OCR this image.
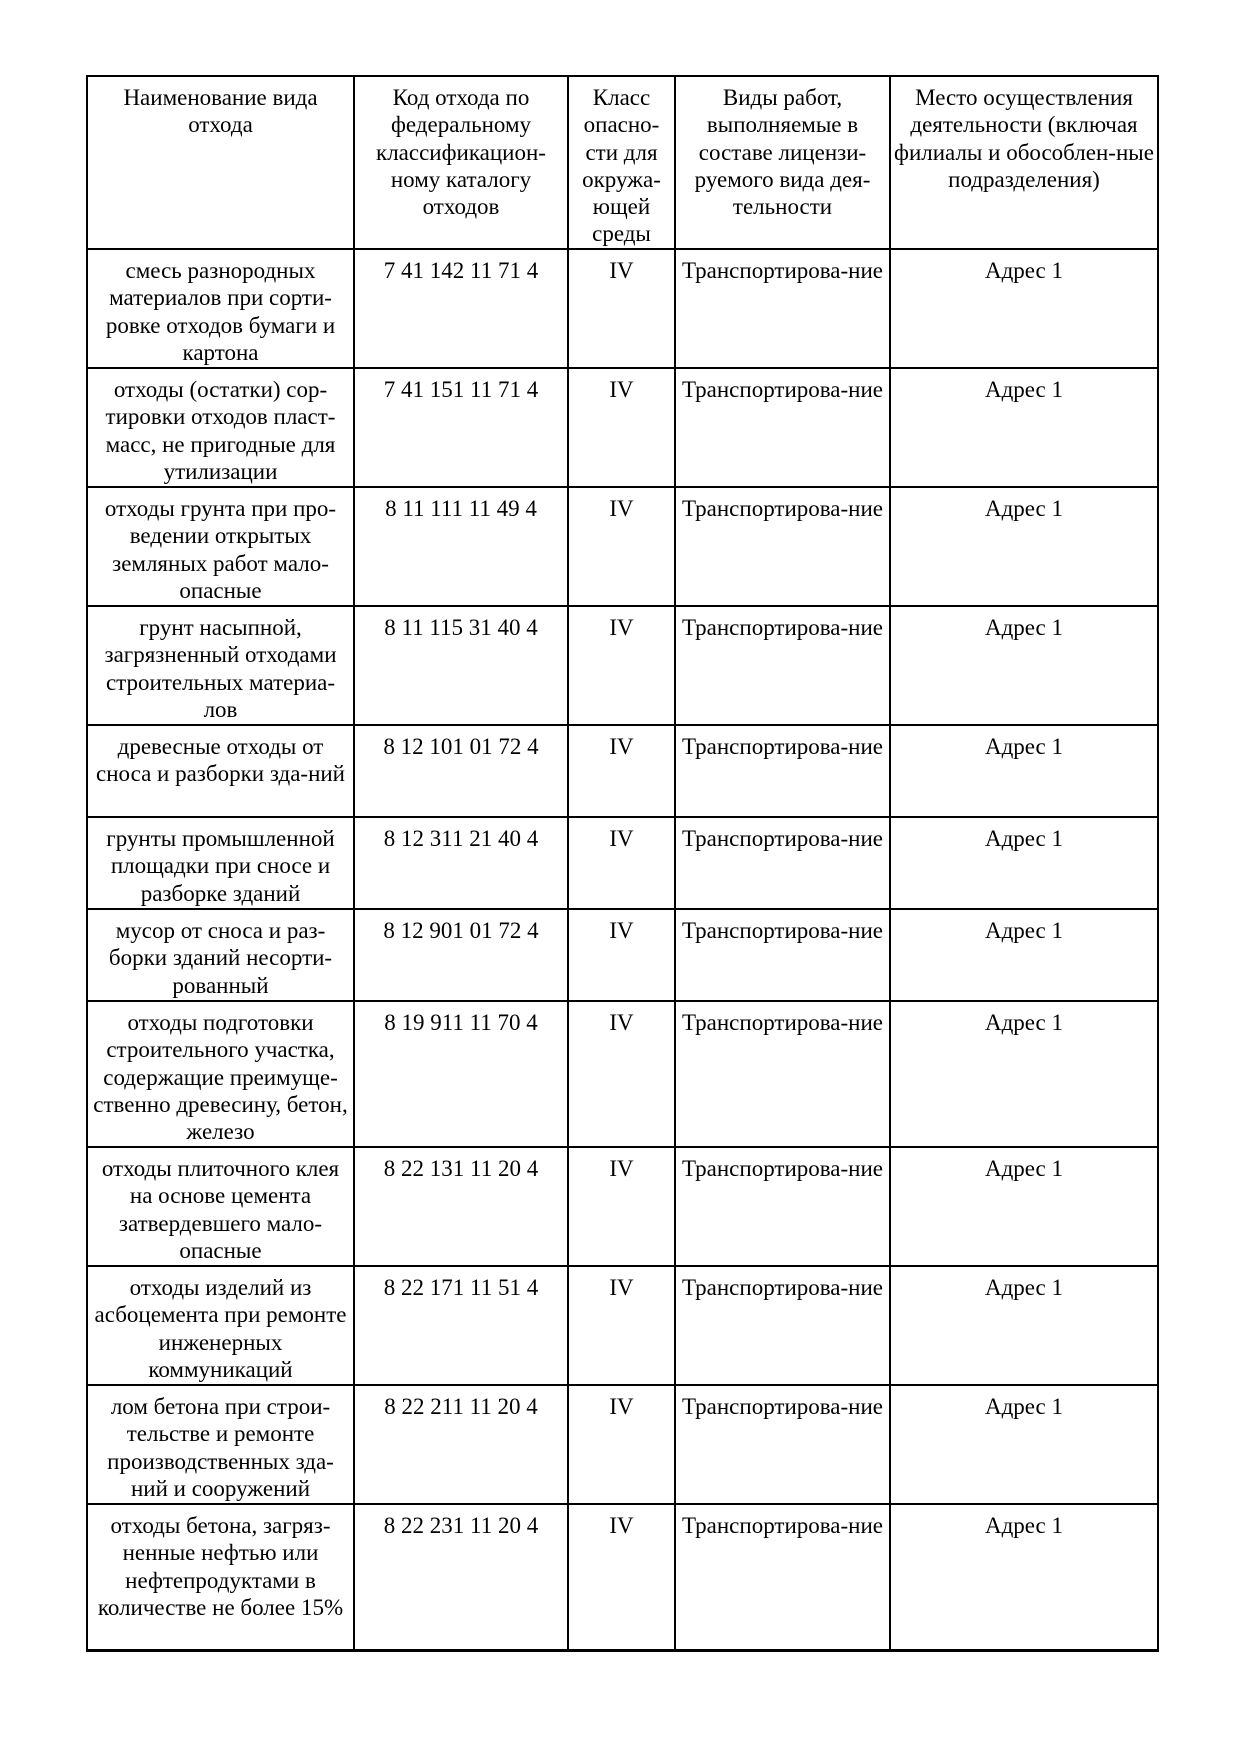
Наименование вида отхода	Код отхода по федеральному классификацион-ному каталогу отходов	Класс опасно-сти для окружа-ющей среды	Виды работ, выполняемые в составе лицензи-руемого вида дея-тельности	Место осуществления деятельности (включая филиалы и обособлен-ные подразделения)
смесь разнородных материалов при сорти-ровке отходов бумаги и картона	7 41 142 11 71 4	IV	Транспортирова-ние	Адрес 1
отходы (остатки) сор-тировки отходов пласт-масс, не пригодные для утилизации	7 41 151 11 71 4	IV	Транспортирова-ние	Адрес 1
отходы грунта при про-ведении открытых земляных работ мало-опасные	8 11 111 11 49 4	IV	Транспортирова-ние	Адрес 1
грунт насыпной, загрязненный отходами строительных материа-лов	8 11 115 31 40 4	IV	Транспортирова-ние	Адрес 1
древесные отходы от сноса и разборки зда-ний	8 12 101 01 72 4	IV	Транспортирова-ние	Адрес 1
грунты промышленной площадки при сносе и разборке зданий	8 12 311 21 40 4	IV	Транспортирова-ние	Адрес 1
мусор от сноса и раз-борки зданий несорти-рованный	8 12 901 01 72 4	IV	Транспортирова-ние	Адрес 1
отходы подготовки строительного участка, содержащие преимуще-ственно древесину, бетон, железо	8 19 911 11 70 4	IV	Транспортирова-ние	Адрес 1
отходы плиточного клея на основе цемента затвердевшего мало-опасные	8 22 131 11 20 4	IV	Транспортирова-ние	Адрес 1
отходы изделий из асбоцемента при ремонте инженерных коммуникаций	8 22 171 11 51 4	IV	Транспортирова-ние	Адрес 1
лом бетона при строи-тельстве и ремонте производственных зда-ний и сооружений	8 22 211 11 20 4	IV	Транспортирова-ние	Адрес 1
отходы бетона, загряз-ненные нефтью или нефтепродуктами в количестве не более 15%	8 22 231 11 20 4	IV	Транспортирова-ние	Адрес 1
